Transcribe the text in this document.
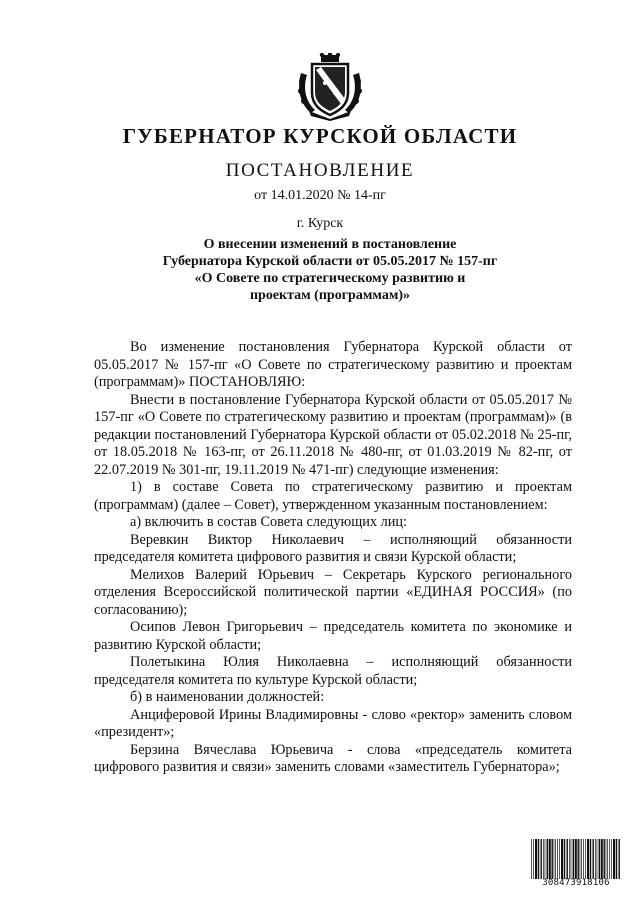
ГУБЕРНАТОР КУРСКОЙ ОБЛАСТИ
ПОСТАНОВЛЕНИЕ
от 14.01.2020 № 14-пг
г. Курск
О внесении изменений в постановление
Губернатора Курской области от 05.05.2017 № 157-пг
«О Совете по стратегическому развитию и
проектам (программам)»

Во изменение постановления Губернатора Курской области от 05.05.2017 № 157-пг «О Совете по стратегическому развитию и проектам (программам)» ПОСТАНОВЛЯЮ:

Внести в постановление Губернатора Курской области от 05.05.2017 № 157-пг «О Совете по стратегическому развитию и проектам (программам)» (в редакции постановлений Губернатора Курской области от 05.02.2018 № 25-пг, от 18.05.2018 № 163-пг, от 26.11.2018 № 480-пг, от 01.03.2019 № 82-пг, от 22.07.2019 № 301-пг, 19.11.2019 № 471-пг) следующие изменения:

1) в составе Совета по стратегическому развитию и проектам (программам) (далее – Совет), утвержденном указанным постановлением:

а) включить в состав Совета следующих лиц:

Веревкин Виктор Николаевич – исполняющий обязанности председателя комитета цифрового развития и связи Курской области;

Мелихов Валерий Юрьевич – Секретарь Курского регионального отделения Всероссийской политической партии «ЕДИНАЯ РОССИЯ» (по согласованию);

Осипов Левон Григорьевич – председатель комитета по экономике и развитию Курской области;

Полетыкина Юлия Николаевна – исполняющий обязанности председателя комитета по культуре Курской области;

б) в наименовании должностей:

Анциферовой Ирины Владимировны - слово «ректор» заменить словом «президент»;

Берзина Вячеслава Юрьевича - слова «председатель комитета цифрового развития и связи» заменить словами «заместитель Губернатора»;

308473918106
